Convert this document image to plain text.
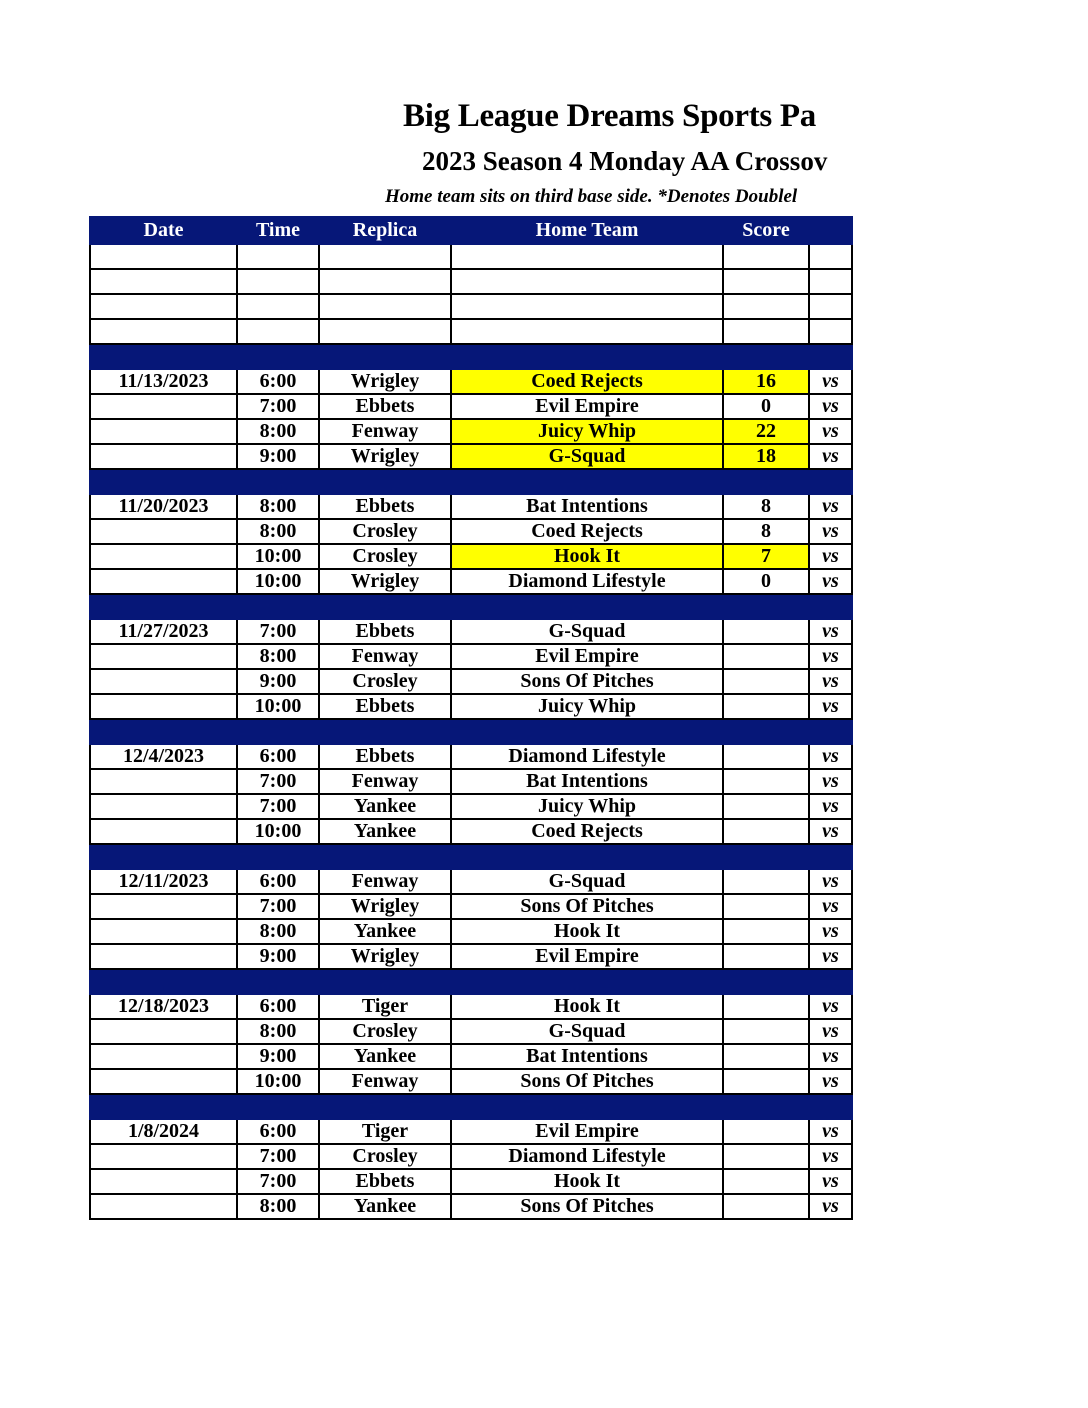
Big League Dreams Sports Pa
2023 Season 4 Monday AA Crossov
Home team sits on third base side. *Denotes Doublel
Date	Time	Replica	Home Team	Score	

11/13/2023	6:00	Wrigley	Coed Rejects	16	vs
	7:00	Ebbets	Evil Empire	0	vs
	8:00	Fenway	Juicy Whip	22	vs
	9:00	Wrigley	G-Squad	18	vs

11/20/2023	8:00	Ebbets	Bat Intentions	8	vs
	8:00	Crosley	Coed Rejects	8	vs
	10:00	Crosley	Hook It	7	vs
	10:00	Wrigley	Diamond Lifestyle	0	vs

11/27/2023	7:00	Ebbets	G-Squad		vs
	8:00	Fenway	Evil Empire		vs
	9:00	Crosley	Sons Of Pitches		vs
	10:00	Ebbets	Juicy Whip		vs

12/4/2023	6:00	Ebbets	Diamond Lifestyle		vs
	7:00	Fenway	Bat Intentions		vs
	7:00	Yankee	Juicy Whip		vs
	10:00	Yankee	Coed Rejects		vs

12/11/2023	6:00	Fenway	G-Squad		vs
	7:00	Wrigley	Sons Of Pitches		vs
	8:00	Yankee	Hook It		vs
	9:00	Wrigley	Evil Empire		vs

12/18/2023	6:00	Tiger	Hook It		vs
	8:00	Crosley	G-Squad		vs
	9:00	Yankee	Bat Intentions		vs
	10:00	Fenway	Sons Of Pitches		vs

1/8/2024	6:00	Tiger	Evil Empire		vs
	7:00	Crosley	Diamond Lifestyle		vs
	7:00	Ebbets	Hook It		vs
	8:00	Yankee	Sons Of Pitches		vs
